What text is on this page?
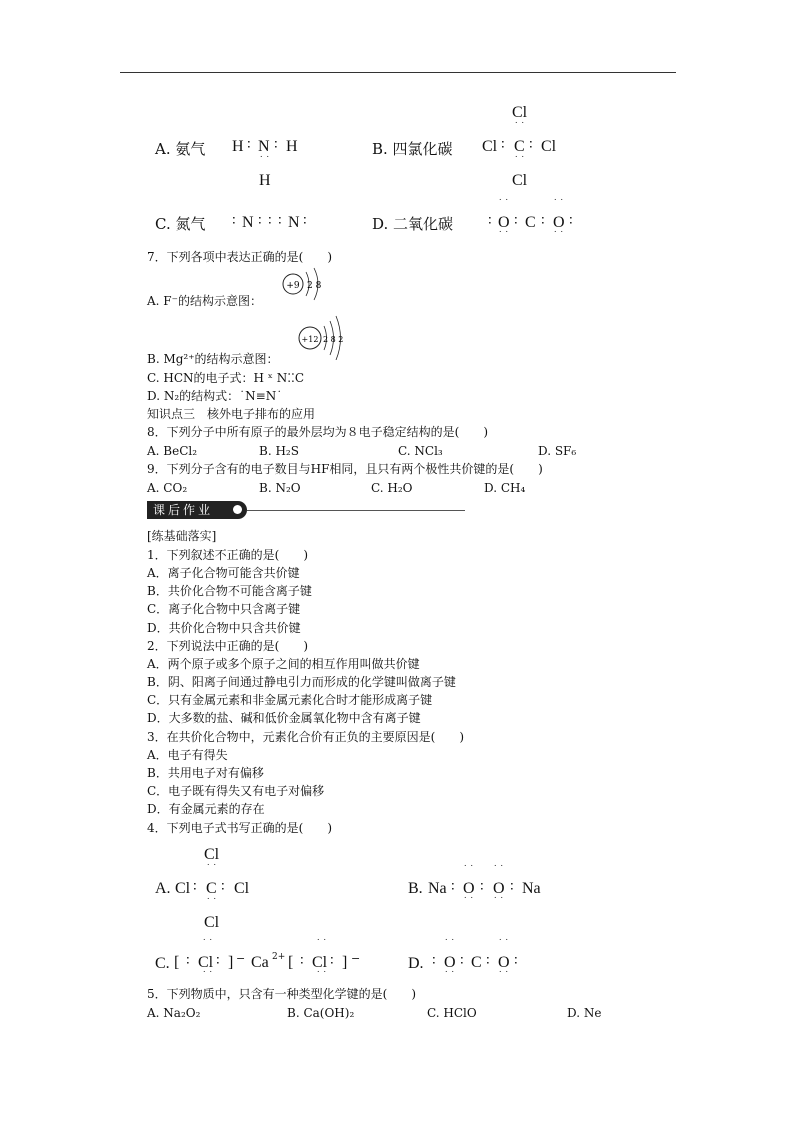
A. 氨气 H ∶ N ∶ H
˙˙
H
B. 四氯化碳
Cl
˙˙
Cl ∶ C ∶ Cl
˙˙
Cl
C. 氮气 ∶ N ∶ ∶ ∶ N ∶	D. 二氧化碳
˙˙	˙˙
∶ O ∶ C ∶ O ∶
˙˙	˙˙
7．下列各项中表达正确的是(　　)
+9 2 8
A. F⁻的结构示意图：
+12 2 8 2
B. Mg²⁺的结构示意图：
C. HCN的电子式：H ˣ N⁚⁚C
D. N₂的结构式：˙N≡N˙
知识点三　核外电子排布的应用
8．下列分子中所有原子的最外层均为８电子稳定结构的是(　　)
A. BeCl₂	B. H₂S	C. NCl₃	D. SF₆
9．下列分子含有的电子数目与HF相同，且只有两个极性共价键的是(　　)
A. CO₂	B. N₂O	C. H₂O	D. CH₄
课后作业
[练基础落实]
1．下列叙述不正确的是(　　)
A．离子化合物可能含共价键
B．共价化合物不可能含离子键
C．离子化合物中只含离子键
D．共价化合物中只含共价键
2．下列说法中正确的是(　　)
A．两个原子或多个原子之间的相互作用叫做共价键
B．阴、阳离子间通过静电引力而形成的化学键叫做离子键
C．只有金属元素和非金属元素化合时才能形成离子键
D．大多数的盐、碱和低价金属氧化物中含有离子键
3．在共价化合物中，元素化合价有正负的主要原因是(　　)
A．电子有得失
B．共用电子对有偏移
C．电子既有得失又有电子对偏移
D．有金属元素的存在
4．下列电子式书写正确的是(　　)
A.
Cl
˙˙
Cl ∶ C ∶ Cl
˙˙
Cl
B.
˙˙ ˙˙
Na ∶ O ∶ O ∶ Na
˙˙ ˙˙
C.
˙˙	˙˙
[ ∶ Cl ∶ ] − Ca 2+ [ ∶ Cl ∶ ] −
˙˙	˙˙
D.
˙˙	˙˙
∶ O ∶ C ∶ O ∶
˙˙	˙˙
5．下列物质中，只含有一种类型化学键的是(　　)
A. Na₂O₂	B. Ca(OH)₂	C. HClO	D. Ne
